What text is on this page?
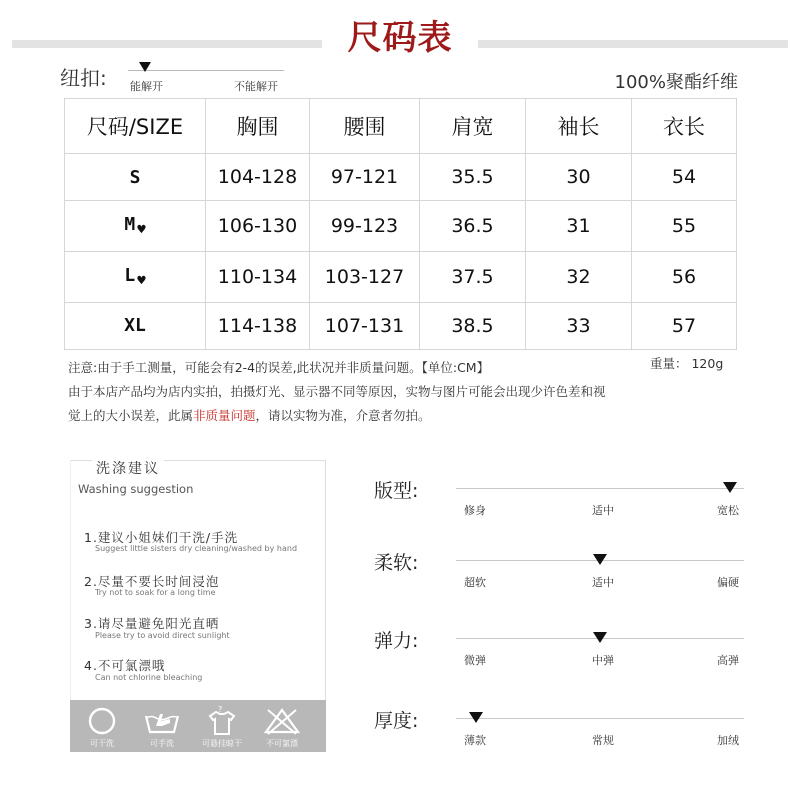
尺码表
纽扣: 能解开	不能解开	100%聚酯纤维
尺码/SIZE	胸围	腰围	肩宽	袖长	衣长
S	104-128	97-121	35.5	30	54
M ♥	106-130	99-123	36.5	31	55
L ♥	110-134	103-127	37.5	32	56
XL	114-138	107-131	38.5	33	57
注意:由于手工测量，可能会有2-4的误差,此状况并非质量问题。【单位:CM】
由于本店产品均为店内实拍，拍摄灯光、显示器不同等原因，实物与图片可能会出现少许色差和视
觉上的大小误差，此属非质量问题，请以实物为准，介意者勿拍。
重量： 120g
洗涤建议
Washing suggestion
1.建议小姐妹们干洗/手洗
Suggest little sisters dry cleaning/washed by hand
2.尽量不要长时间浸泡
Try not to soak for a long time
3.请尽量避免阳光直晒
Please try to avoid direct sunlight
4.不可氯漂哦
Can not chlorine bleaching
可干洗	可手洗
?
可悬挂晾干	不可氯漂
版型:
修身	适中	宽松
柔软:
超软	适中	偏硬
弹力:
微弹	中弹	高弹
厚度:
薄款	常规	加绒
